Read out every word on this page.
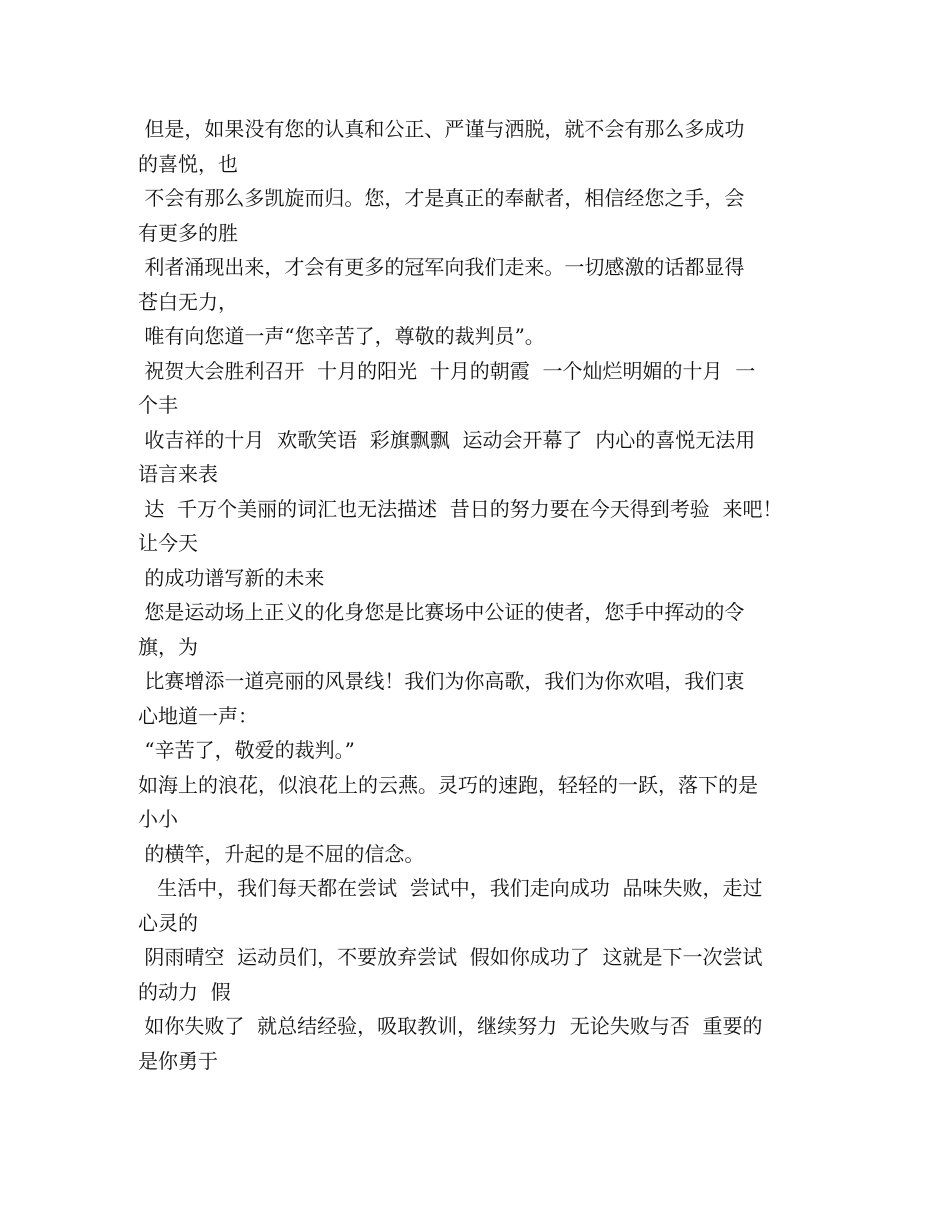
但是，如果没有您的认真和公正、严谨与洒脱，就不会有那么多成功
的喜悦，也
不会有那么多凯旋而归。您，才是真正的奉献者，相信经您之手，会
有更多的胜
利者涌现出来，才会有更多的冠军向我们走来。一切感激的话都显得
苍白无力，
唯有向您道一声“您辛苦了，尊敬的裁判员”。
祝贺大会胜利召开  十月的阳光  十月的朝霞  一个灿烂明媚的十月  一
个丰
收吉祥的十月  欢歌笑语  彩旗飘飘  运动会开幕了  内心的喜悦无法用
语言来表
达  千万个美丽的词汇也无法描述  昔日的努力要在今天得到考验  来吧！
让今天
的成功谱写新的未来
您是运动场上正义的化身您是比赛场中公证的使者，您手中挥动的令
旗，为
比赛增添一道亮丽的风景线！我们为你高歌，我们为你欢唱，我们衷
心地道一声：
“辛苦了，敬爱的裁判。”
如海上的浪花，似浪花上的云燕。灵巧的速跑，轻轻的一跃，落下的是
小小
的横竿，升起的是不屈的信念。
生活中，我们每天都在尝试  尝试中，我们走向成功  品味失败，走过
心灵的
阴雨晴空  运动员们，不要放弃尝试  假如你成功了  这就是下一次尝试
的动力  假
如你失败了  就总结经验，吸取教训，继续努力  无论失败与否  重要的
是你勇于
